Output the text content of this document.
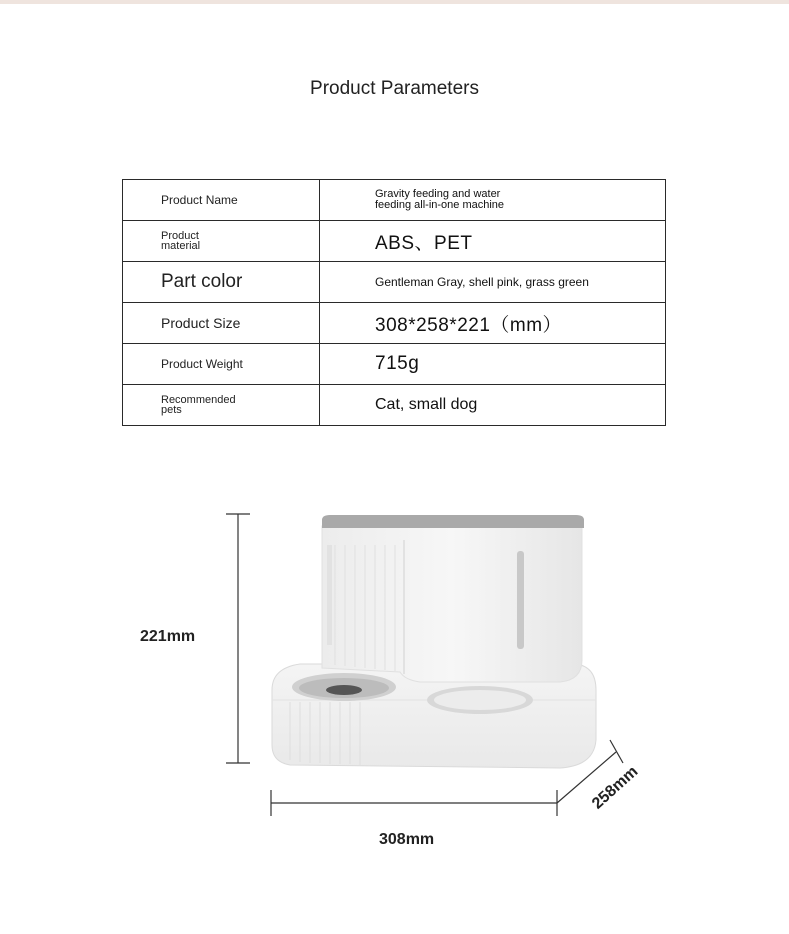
Product Parameters
Product Name	Gravity feeding and water feeding all-in-one machine
Product material	ABS、PET
Part color	Gentleman Gray, shell pink, grass green
Product Size	308*258*221（mm）
Product Weight	715g
Recommended pets	Cat, small dog
221mm
308mm
258mm
